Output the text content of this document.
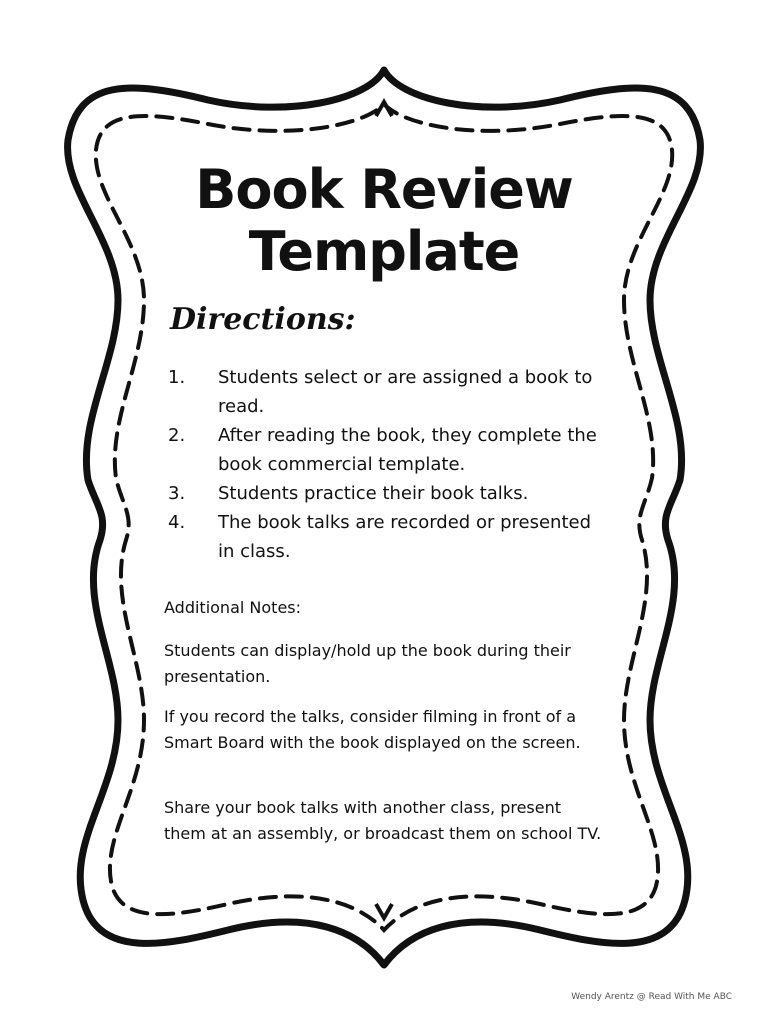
Book Review
Template
Directions:
1.	Students select or are assigned a book to read.
2.	After reading the book, they complete the book commercial template.
3.	Students practice their book talks.
4.	The book talks are recorded or presented in class.
Additional Notes:
Students can display/hold up the book during their presentation.
If you record the talks, consider filming in front of a Smart Board with the book displayed on the screen.
Share your book talks with another class, present them at an assembly, or broadcast them on school TV.
Wendy Arentz @ Read With Me ABC
